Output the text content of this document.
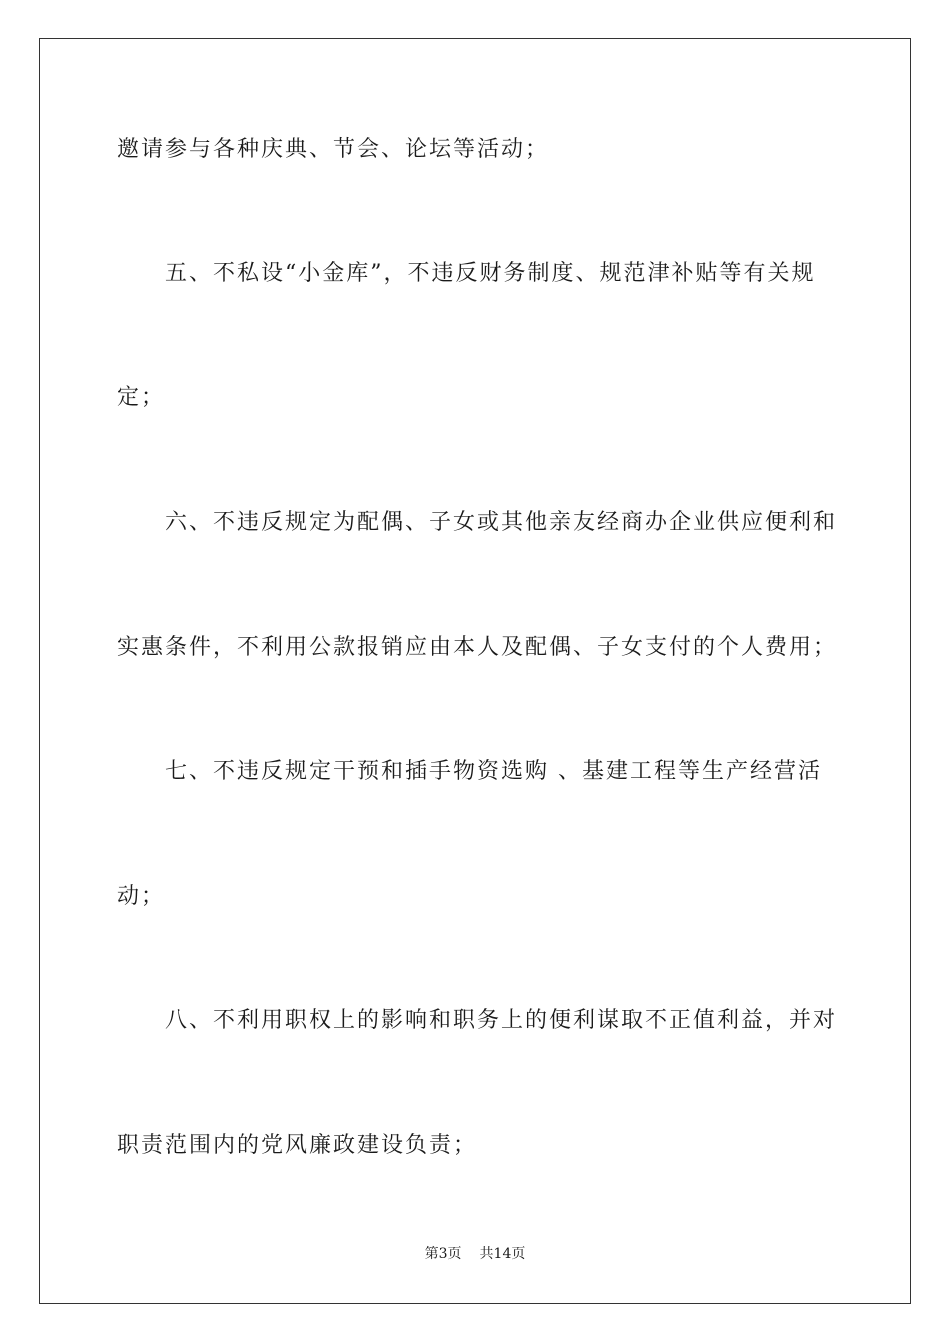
邀请参与各种庆典、节会、论坛等活动；
五、不私设“小金库”，不违反财务制度、规范津补贴等有关规
定；
六、不违反规定为配偶、子女或其他亲友经商办企业供应便利和
实惠条件，不利用公款报销应由本人及配偶、子女支付的个人费用；
七、不违反规定干预和插手物资选购 、基建工程等生产经营活
动；
八、不利用职权上的影响和职务上的便利谋取不正值利益，并对
职责范围内的党风廉政建设负责；
第3页 共14页
